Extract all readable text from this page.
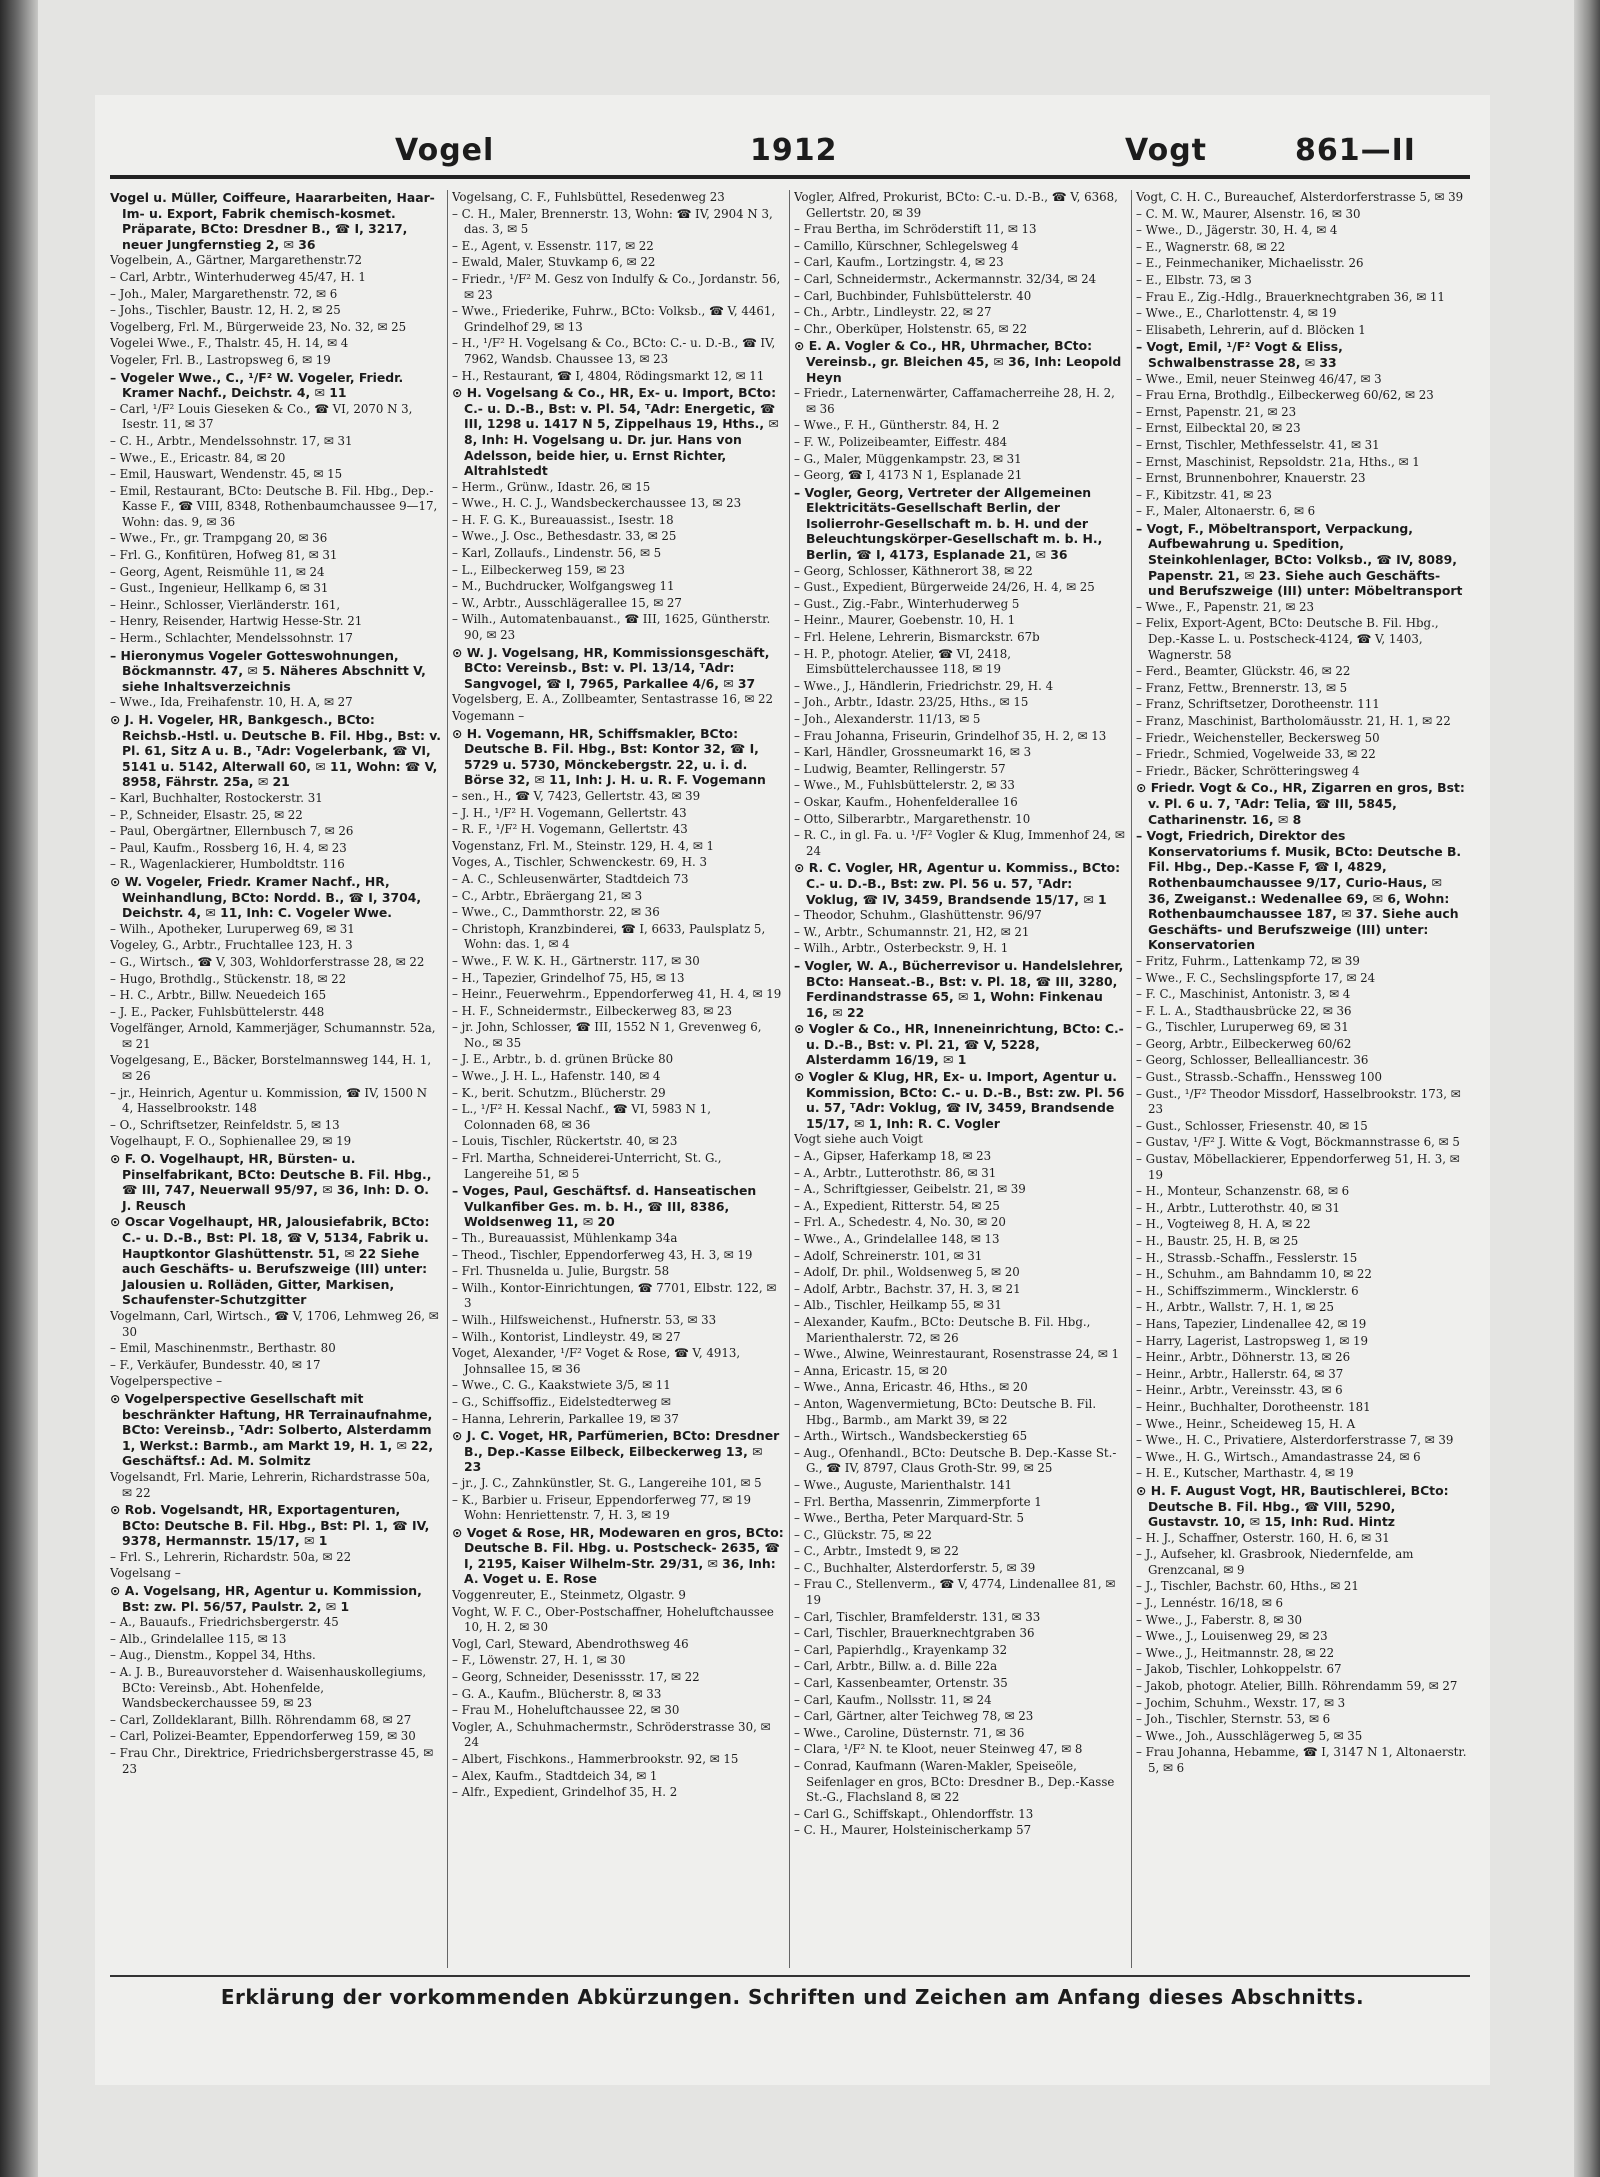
Vogel	1912	Vogt	861—II
Vogel u. Müller, Coiffeure, Haararbeiten, Haar-Im- u. Export, Fabrik chemisch-kosmet. Präparate, BCto: Dresdner B., ☎ I, 3217, neuer Jungfernstieg 2, ✉ 36
Vogelbein, A., Gärtner, Margarethenstr.72
– Carl, Arbtr., Winterhuderweg 45/47, H. 1
– Joh., Maler, Margarethenstr. 72, ✉ 6
– Johs., Tischler, Baustr. 12, H. 2, ✉ 25
Vogelberg, Frl. M., Bürgerweide 23, No. 32, ✉ 25
Vogelei Wwe., F., Thalstr. 45, H. 14, ✉ 4
Vogeler, Frl. B., Lastropsweg 6, ✉ 19
– Vogeler Wwe., C., ¹/F² W. Vogeler, Friedr. Kramer Nachf., Deichstr. 4, ✉ 11
– Carl, ¹/F² Louis Gieseken & Co., ☎ VI, 2070 N 3, Isestr. 11, ✉ 37
– C. H., Arbtr., Mendelssohnstr. 17, ✉ 31
– Wwe., E., Ericastr. 84, ✉ 20
– Emil, Hauswart, Wendenstr. 45, ✉ 15
– Emil, Restaurant, BCto: Deutsche B. Fil. Hbg., Dep.-Kasse F., ☎ VIII, 8348, Rothenbaumchaussee 9—17, Wohn: das. 9, ✉ 36
– Wwe., Fr., gr. Trampgang 20, ✉ 36
– Frl. G., Konfitüren, Hofweg 81, ✉ 31
– Georg, Agent, Reismühle 11, ✉ 24
– Gust., Ingenieur, Hellkamp 6, ✉ 31
– Heinr., Schlosser, Vierländerstr. 161,
– Henry, Reisender, Hartwig Hesse-Str. 21
– Herm., Schlachter, Mendelssohnstr. 17
– Hieronymus Vogeler Gotteswohnungen, Böckmannstr. 47, ✉ 5. Näheres Abschnitt V, siehe Inhaltsverzeichnis
– Wwe., Ida, Freihafenstr. 10, H. A, ✉ 27
⊙ J. H. Vogeler, HR, Bankgesch., BCto: Reichsb.-Hstl. u. Deutsche B. Fil. Hbg., Bst: v. Pl. 61, Sitz A u. B., ᵀAdr: Vogelerbank, ☎ VI, 5141 u. 5142, Alterwall 60, ✉ 11, Wohn: ☎ V, 8958, Fährstr. 25a, ✉ 21
– Karl, Buchhalter, Rostockerstr. 31
– P., Schneider, Elsastr. 25, ✉ 22
– Paul, Obergärtner, Ellernbusch 7, ✉ 26
– Paul, Kaufm., Rossberg 16, H. 4, ✉ 23
– R., Wagenlackierer, Humboldtstr. 116
⊙ W. Vogeler, Friedr. Kramer Nachf., HR, Weinhandlung, BCto: Nordd. B., ☎ I, 3704, Deichstr. 4, ✉ 11, Inh: C. Vogeler Wwe.
– Wilh., Apotheker, Luruperweg 69, ✉ 31
Vogeley, G., Arbtr., Fruchtallee 123, H. 3
– G., Wirtsch., ☎ V, 303, Wohldorferstrasse 28, ✉ 22
– Hugo, Brothdlg., Stückenstr. 18, ✉ 22
– H. C., Arbtr., Billw. Neuedeich 165
– J. E., Packer, Fuhlsbüttelerstr. 448
Vogelfänger, Arnold, Kammerjäger, Schumannstr. 52a, ✉ 21
Vogelgesang, E., Bäcker, Borstelmannsweg 144, H. 1, ✉ 26
– jr., Heinrich, Agentur u. Kommission, ☎ IV, 1500 N 4, Hasselbrookstr. 148
– O., Schriftsetzer, Reinfeldstr. 5, ✉ 13
Vogelhaupt, F. O., Sophienallee 29, ✉ 19
⊙ F. O. Vogelhaupt, HR, Bürsten- u. Pinselfabrikant, BCto: Deutsche B. Fil. Hbg., ☎ III, 747, Neuerwall 95/97, ✉ 36, Inh: D. O. J. Reusch
⊙ Oscar Vogelhaupt, HR, Jalousiefabrik, BCto: C.- u. D.-B., Bst: Pl. 18, ☎ V, 5134, Fabrik u. Hauptkontor Glashüttenstr. 51, ✉ 22 Siehe auch Geschäfts- u. Berufszweige (III) unter: Jalousien u. Rolläden, Gitter, Markisen, Schaufenster-Schutzgitter
Vogelmann, Carl, Wirtsch., ☎ V, 1706, Lehmweg 26, ✉ 30
– Emil, Maschinenmstr., Berthastr. 80
– F., Verkäufer, Bundesstr. 40, ✉ 17
Vogelperspective –
⊙ Vogelperspective Gesellschaft mit beschränkter Haftung, HR Terrainaufnahme, BCto: Vereinsb., ᵀAdr: Solberto, Alsterdamm 1, Werkst.: Barmb., am Markt 19, H. 1, ✉ 22, Geschäftsf.: Ad. M. Solmitz
Vogelsandt, Frl. Marie, Lehrerin, Richardstrasse 50a, ✉ 22
⊙ Rob. Vogelsandt, HR, Exportagenturen, BCto: Deutsche B. Fil. Hbg., Bst: Pl. 1, ☎ IV, 9378, Hermannstr. 15/17, ✉ 1
– Frl. S., Lehrerin, Richardstr. 50a, ✉ 22
Vogelsang –
⊙ A. Vogelsang, HR, Agentur u. Kommission, Bst: zw. Pl. 56/57, Paulstr. 2, ✉ 1
– A., Bauaufs., Friedrichsbergerstr. 45
– Alb., Grindelallee 115, ✉ 13
– Aug., Dienstm., Koppel 34, Hths.
– A. J. B., Bureauvorsteher d. Waisenhauskollegiums, BCto: Vereinsb., Abt. Hohenfelde, Wandsbeckerchaussee 59, ✉ 23
– Carl, Zolldeklarant, Billh. Röhrendamm 68, ✉ 27
– Carl, Polizei-Beamter, Eppendorferweg 159, ✉ 30
– Frau Chr., Direktrice, Friedrichsbergerstrasse 45, ✉ 23
Vogelsang, C. F., Fuhlsbüttel, Resedenweg 23
– C. H., Maler, Brennerstr. 13, Wohn: ☎ IV, 2904 N 3, das. 3, ✉ 5
– E., Agent, v. Essenstr. 117, ✉ 22
– Ewald, Maler, Stuvkamp 6, ✉ 22
– Friedr., ¹/F² M. Gesz von Indulfy & Co., Jordanstr. 56, ✉ 23
– Wwe., Friederike, Fuhrw., BCto: Volksb., ☎ V, 4461, Grindelhof 29, ✉ 13
– H., ¹/F² H. Vogelsang & Co., BCto: C.- u. D.-B., ☎ IV, 7962, Wandsb. Chaussee 13, ✉ 23
– H., Restaurant, ☎ I, 4804, Rödingsmarkt 12, ✉ 11
⊙ H. Vogelsang & Co., HR, Ex- u. Import, BCto: C.- u. D.-B., Bst: v. Pl. 54, ᵀAdr: Energetic, ☎ III, 1298 u. 1417 N 5, Zippelhaus 19, Hths., ✉ 8, Inh: H. Vogelsang u. Dr. jur. Hans von Adelsson, beide hier, u. Ernst Richter, Altrahlstedt
– Herm., Grünw., Idastr. 26, ✉ 15
– Wwe., H. C. J., Wandsbeckerchaussee 13, ✉ 23
– H. F. G. K., Bureauassist., Isestr. 18
– Wwe., J. Osc., Bethesdastr. 33, ✉ 25
– Karl, Zollaufs., Lindenstr. 56, ✉ 5
– L., Eilbeckerweg 159, ✉ 23
– M., Buchdrucker, Wolfgangsweg 11
– W., Arbtr., Ausschlägerallee 15, ✉ 27
– Wilh., Automatenbauanst., ☎ III, 1625, Güntherstr. 90, ✉ 23
⊙ W. J. Vogelsang, HR, Kommissionsgeschäft, BCto: Vereinsb., Bst: v. Pl. 13/14, ᵀAdr: Sangvogel, ☎ I, 7965, Parkallee 4/6, ✉ 37
Vogelsberg, E. A., Zollbeamter, Sentastrasse 16, ✉ 22
Vogemann –
⊙ H. Vogemann, HR, Schiffsmakler, BCto: Deutsche B. Fil. Hbg., Bst: Kontor 32, ☎ I, 5729 u. 5730, Mönckebergstr. 22, u. i. d. Börse 32, ✉ 11, Inh: J. H. u. R. F. Vogemann
– sen., H., ☎ V, 7423, Gellertstr. 43, ✉ 39
– J. H., ¹/F² H. Vogemann, Gellertstr. 43
– R. F., ¹/F² H. Vogemann, Gellertstr. 43
Vogenstanz, Frl. M., Steinstr. 129, H. 4, ✉ 1
Voges, A., Tischler, Schwenckestr. 69, H. 3
– A. C., Schleusenwärter, Stadtdeich 73
– C., Arbtr., Ebräergang 21, ✉ 3
– Wwe., C., Dammthorstr. 22, ✉ 36
– Christoph, Kranzbinderei, ☎ I, 6633, Paulsplatz 5, Wohn: das. 1, ✉ 4
– Wwe., F. W. K. H., Gärtnerstr. 117, ✉ 30
– H., Tapezier, Grindelhof 75, H5, ✉ 13
– Heinr., Feuerwehrm., Eppendorferweg 41, H. 4, ✉ 19
– H. F., Schneidermstr., Eilbeckerweg 83, ✉ 23
– jr. John, Schlosser, ☎ III, 1552 N 1, Grevenweg 6, No., ✉ 35
– J. E., Arbtr., b. d. grünen Brücke 80
– Wwe., J. H. L., Hafenstr. 140, ✉ 4
– K., berit. Schutzm., Blücherstr. 29
– L., ¹/F² H. Kessal Nachf., ☎ VI, 5983 N 1, Colonnaden 68, ✉ 36
– Louis, Tischler, Rückertstr. 40, ✉ 23
– Frl. Martha, Schneiderei-Unterricht, St. G., Langereihe 51, ✉ 5
– Voges, Paul, Geschäftsf. d. Hanseatischen Vulkanfiber Ges. m. b. H., ☎ III, 8386, Woldsenweg 11, ✉ 20
– Th., Bureauassist, Mühlenkamp 34a
– Theod., Tischler, Eppendorferweg 43, H. 3, ✉ 19
– Frl. Thusnelda u. Julie, Burgstr. 58
– Wilh., Kontor-Einrichtungen, ☎ 7701, Elbstr. 122, ✉ 3
– Wilh., Hilfsweichenst., Hufnerstr. 53, ✉ 33
– Wilh., Kontorist, Lindleystr. 49, ✉ 27
Voget, Alexander, ¹/F² Voget & Rose, ☎ V, 4913, Johnsallee 15, ✉ 36
– Wwe., C. G., Kaakstwiete 3/5, ✉ 11
– G., Schiffsoffiz., Eidelstedterweg ✉
– Hanna, Lehrerin, Parkallee 19, ✉ 37
⊙ J. C. Voget, HR, Parfümerien, BCto: Dresdner B., Dep.-Kasse Eilbeck, Eilbeckerweg 13, ✉ 23
– jr., J. C., Zahnkünstler, St. G., Langereihe 101, ✉ 5
– K., Barbier u. Friseur, Eppendorferweg 77, ✉ 19 Wohn: Henriettenstr. 7, H. 3, ✉ 19
⊙ Voget & Rose, HR, Modewaren en gros, BCto: Deutsche B. Fil. Hbg. u. Postscheck- 2635, ☎ I, 2195, Kaiser Wilhelm-Str. 29/31, ✉ 36, Inh: A. Voget u. E. Rose
Voggenreuter, E., Steinmetz, Olgastr. 9
Voght, W. F. C., Ober-Postschaffner, Hoheluftchaussee 10, H. 2, ✉ 30
Vogl, Carl, Steward, Abendrothsweg 46
– F., Löwenstr. 27, H. 1, ✉ 30
– Georg, Schneider, Desenissstr. 17, ✉ 22
– G. A., Kaufm., Blücherstr. 8, ✉ 33
– Frau M., Hoheluftchaussee 22, ✉ 30
Vogler, A., Schuhmachermstr., Schröderstrasse 30, ✉ 24
– Albert, Fischkons., Hammerbrookstr. 92, ✉ 15
– Alex, Kaufm., Stadtdeich 34, ✉ 1
– Alfr., Expedient, Grindelhof 35, H. 2
Vogler, Alfred, Prokurist, BCto: C.-u. D.-B., ☎ V, 6368, Gellertstr. 20, ✉ 39
– Frau Bertha, im Schröderstift 11, ✉ 13
– Camillo, Kürschner, Schlegelsweg 4
– Carl, Kaufm., Lortzingstr. 4, ✉ 23
– Carl, Schneidermstr., Ackermannstr. 32/34, ✉ 24
– Carl, Buchbinder, Fuhlsbüttelerstr. 40
– Ch., Arbtr., Lindleystr. 22, ✉ 27
– Chr., Oberküper, Holstenstr. 65, ✉ 22
⊙ E. A. Vogler & Co., HR, Uhrmacher, BCto: Vereinsb., gr. Bleichen 45, ✉ 36, Inh: Leopold Heyn
– Friedr., Laternenwärter, Caffamacherreihe 28, H. 2, ✉ 36
– Wwe., F. H., Güntherstr. 84, H. 2
– F. W., Polizeibeamter, Eiffestr. 484
– G., Maler, Müggenkampstr. 23, ✉ 31
– Georg, ☎ I, 4173 N 1, Esplanade 21
– Vogler, Georg, Vertreter der Allgemeinen Elektricitäts-Gesellschaft Berlin, der Isolierrohr-Gesellschaft m. b. H. und der Beleuchtungskörper-Gesellschaft m. b. H., Berlin, ☎ I, 4173, Esplanade 21, ✉ 36
– Georg, Schlosser, Käthnerort 38, ✉ 22
– Gust., Expedient, Bürgerweide 24/26, H. 4, ✉ 25
– Gust., Zig.-Fabr., Winterhuderweg 5
– Heinr., Maurer, Goebenstr. 10, H. 1
– Frl. Helene, Lehrerin, Bismarckstr. 67b
– H. P., photogr. Atelier, ☎ VI, 2418, Eimsbüttelerchaussee 118, ✉ 19
– Wwe., J., Händlerin, Friedrichstr. 29, H. 4
– Joh., Arbtr., Idastr. 23/25, Hths., ✉ 15
– Joh., Alexanderstr. 11/13, ✉ 5
– Frau Johanna, Friseurin, Grindelhof 35, H. 2, ✉ 13
– Karl, Händler, Grossneumarkt 16, ✉ 3
– Ludwig, Beamter, Rellingerstr. 57
– Wwe., M., Fuhlsbüttelerstr. 2, ✉ 33
– Oskar, Kaufm., Hohenfelderallee 16
– Otto, Silberarbtr., Margarethenstr. 10
– R. C., in gl. Fa. u. ¹/F² Vogler & Klug, Immenhof 24, ✉ 24
⊙ R. C. Vogler, HR, Agentur u. Kommiss., BCto: C.- u. D.-B., Bst: zw. Pl. 56 u. 57, ᵀAdr: Voklug, ☎ IV, 3459, Brandsende 15/17, ✉ 1
– Theodor, Schuhm., Glashüttenstr. 96/97
– W., Arbtr., Schumannstr. 21, H2, ✉ 21
– Wilh., Arbtr., Osterbeckstr. 9, H. 1
– Vogler, W. A., Bücherrevisor u. Handelslehrer, BCto: Hanseat.-B., Bst: v. Pl. 18, ☎ III, 3280, Ferdinandstrasse 65, ✉ 1, Wohn: Finkenau 16, ✉ 22
⊙ Vogler & Co., HR, Inneneinrichtung, BCto: C.- u. D.-B., Bst: v. Pl. 21, ☎ V, 5228, Alsterdamm 16/19, ✉ 1
⊙ Vogler & Klug, HR, Ex- u. Import, Agentur u. Kommission, BCto: C.- u. D.-B., Bst: zw. Pl. 56 u. 57, ᵀAdr: Voklug, ☎ IV, 3459, Brandsende 15/17, ✉ 1, Inh: R. C. Vogler
Vogt siehe auch Voigt
– A., Gipser, Haferkamp 18, ✉ 23
– A., Arbtr., Lutterothstr. 86, ✉ 31
– A., Schriftgiesser, Geibelstr. 21, ✉ 39
– A., Expedient, Ritterstr. 54, ✉ 25
– Frl. A., Schedestr. 4, No. 30, ✉ 20
– Wwe., A., Grindelallee 148, ✉ 13
– Adolf, Schreinerstr. 101, ✉ 31
– Adolf, Dr. phil., Woldsenweg 5, ✉ 20
– Adolf, Arbtr., Bachstr. 37, H. 3, ✉ 21
– Alb., Tischler, Heilkamp 55, ✉ 31
– Alexander, Kaufm., BCto: Deutsche B. Fil. Hbg., Marienthalerstr. 72, ✉ 26
– Wwe., Alwine, Weinrestaurant, Rosenstrasse 24, ✉ 1
– Anna, Ericastr. 15, ✉ 20
– Wwe., Anna, Ericastr. 46, Hths., ✉ 20
– Anton, Wagenvermietung, BCto: Deutsche B. Fil. Hbg., Barmb., am Markt 39, ✉ 22
– Arth., Wirtsch., Wandsbeckerstieg 65
– Aug., Ofenhandl., BCto: Deutsche B. Dep.-Kasse St.-G., ☎ IV, 8797, Claus Groth-Str. 99, ✉ 25
– Wwe., Auguste, Marienthalstr. 141
– Frl. Bertha, Massenrin, Zimmerpforte 1
– Wwe., Bertha, Peter Marquard-Str. 5
– C., Glückstr. 75, ✉ 22
– C., Arbtr., Imstedt 9, ✉ 22
– C., Buchhalter, Alsterdorferstr. 5, ✉ 39
– Frau C., Stellenverm., ☎ V, 4774, Lindenallee 81, ✉ 19
– Carl, Tischler, Bramfelderstr. 131, ✉ 33
– Carl, Tischler, Brauerknechtgraben 36
– Carl, Papierhdlg., Krayenkamp 32
– Carl, Arbtr., Billw. a. d. Bille 22a
– Carl, Kassenbeamter, Ortenstr. 35
– Carl, Kaufm., Nollsstr. 11, ✉ 24
– Carl, Gärtner, alter Teichweg 78, ✉ 23
– Wwe., Caroline, Düsternstr. 71, ✉ 36
– Clara, ¹/F² N. te Kloot, neuer Steinweg 47, ✉ 8
– Conrad, Kaufmann (Waren-Makler, Speiseöle, Seifenlager en gros, BCto: Dresdner B., Dep.-Kasse St.-G., Flachsland 8, ✉ 22
– Carl G., Schiffskapt., Ohlendorffstr. 13
– C. H., Maurer, Holsteinischerkamp 57
Vogt, C. H. C., Bureauchef, Alsterdorferstrasse 5, ✉ 39
– C. M. W., Maurer, Alsenstr. 16, ✉ 30
– Wwe., D., Jägerstr. 30, H. 4, ✉ 4
– E., Wagnerstr. 68, ✉ 22
– E., Feinmechaniker, Michaelisstr. 26
– E., Elbstr. 73, ✉ 3
– Frau E., Zig.-Hdlg., Brauerknechtgraben 36, ✉ 11
– Wwe., E., Charlottenstr. 4, ✉ 19
– Elisabeth, Lehrerin, auf d. Blöcken 1
– Vogt, Emil, ¹/F² Vogt & Eliss, Schwalbenstrasse 28, ✉ 33
– Wwe., Emil, neuer Steinweg 46/47, ✉ 3
– Frau Erna, Brothdlg., Eilbeckerweg 60/62, ✉ 23
– Ernst, Papenstr. 21, ✉ 23
– Ernst, Eilbecktal 20, ✉ 23
– Ernst, Tischler, Methfesselstr. 41, ✉ 31
– Ernst, Maschinist, Repsoldstr. 21a, Hths., ✉ 1
– Ernst, Brunnenbohrer, Knauerstr. 23
– F., Kibitzstr. 41, ✉ 23
– F., Maler, Altonaerstr. 6, ✉ 6
– Vogt, F., Möbeltransport, Verpackung, Aufbewahrung u. Spedition, Steinkohlenlager, BCto: Volksb., ☎ IV, 8089, Papenstr. 21, ✉ 23. Siehe auch Geschäfts- und Berufszweige (III) unter: Möbeltransport
– Wwe., F., Papenstr. 21, ✉ 23
– Felix, Export-Agent, BCto: Deutsche B. Fil. Hbg., Dep.-Kasse L. u. Postscheck-4124, ☎ V, 1403, Wagnerstr. 58
– Ferd., Beamter, Glückstr. 46, ✉ 22
– Franz, Fettw., Brennerstr. 13, ✉ 5
– Franz, Schriftsetzer, Dorotheenstr. 111
– Franz, Maschinist, Bartholomäusstr. 21, H. 1, ✉ 22
– Friedr., Weichensteller, Beckersweg 50
– Friedr., Schmied, Vogelweide 33, ✉ 22
– Friedr., Bäcker, Schrötteringsweg 4
⊙ Friedr. Vogt & Co., HR, Zigarren en gros, Bst: v. Pl. 6 u. 7, ᵀAdr: Telia, ☎ III, 5845, Catharinenstr. 16, ✉ 8
– Vogt, Friedrich, Direktor des Konservatoriums f. Musik, BCto: Deutsche B. Fil. Hbg., Dep.-Kasse F, ☎ I, 4829, Rothenbaumchaussee 9/17, Curio-Haus, ✉ 36, Zweiganst.: Wedenallee 69, ✉ 6, Wohn: Rothenbaumchaussee 187, ✉ 37. Siehe auch Geschäfts- und Berufszweige (III) unter: Konservatorien
– Fritz, Fuhrm., Lattenkamp 72, ✉ 39
– Wwe., F. C., Sechslingspforte 17, ✉ 24
– F. C., Maschinist, Antonistr. 3, ✉ 4
– F. L. A., Stadthausbrücke 22, ✉ 36
– G., Tischler, Luruperweg 69, ✉ 31
– Georg, Arbtr., Eilbeckerweg 60/62
– Georg, Schlosser, Bellealliancestr. 36
– Gust., Strassb.-Schaffn., Henssweg 100
– Gust., ¹/F² Theodor Missdorf, Hasselbrookstr. 173, ✉ 23
– Gust., Schlosser, Friesenstr. 40, ✉ 15
– Gustav, ¹/F² J. Witte & Vogt, Böckmannstrasse 6, ✉ 5
– Gustav, Möbellackierer, Eppendorferweg 51, H. 3, ✉ 19
– H., Monteur, Schanzenstr. 68, ✉ 6
– H., Arbtr., Lutterothstr. 40, ✉ 31
– H., Vogteiweg 8, H. A, ✉ 22
– H., Baustr. 25, H. B, ✉ 25
– H., Strassb.-Schaffn., Fesslerstr. 15
– H., Schuhm., am Bahndamm 10, ✉ 22
– H., Schiffszimmerm., Wincklerstr. 6
– H., Arbtr., Wallstr. 7, H. 1, ✉ 25
– Hans, Tapezier, Lindenallee 42, ✉ 19
– Harry, Lagerist, Lastropsweg 1, ✉ 19
– Heinr., Arbtr., Döhnerstr. 13, ✉ 26
– Heinr., Arbtr., Hallerstr. 64, ✉ 37
– Heinr., Arbtr., Vereinsstr. 43, ✉ 6
– Heinr., Buchhalter, Dorotheenstr. 181
– Wwe., Heinr., Scheideweg 15, H. A
– Wwe., H. C., Privatiere, Alsterdorferstrasse 7, ✉ 39
– Wwe., H. G., Wirtsch., Amandastrasse 24, ✉ 6
– H. E., Kutscher, Marthastr. 4, ✉ 19
⊙ H. F. August Vogt, HR, Bautischlerei, BCto: Deutsche B. Fil. Hbg., ☎ VIII, 5290, Gustavstr. 10, ✉ 15, Inh: Rud. Hintz
– H. J., Schaffner, Osterstr. 160, H. 6, ✉ 31
– J., Aufseher, kl. Grasbrook, Niedernfelde, am Grenzcanal, ✉ 9
– J., Tischler, Bachstr. 60, Hths., ✉ 21
– J., Lennéstr. 16/18, ✉ 6
– Wwe., J., Faberstr. 8, ✉ 30
– Wwe., J., Louisenweg 29, ✉ 23
– Wwe., J., Heitmannstr. 28, ✉ 22
– Jakob, Tischler, Lohkoppelstr. 67
– Jakob, photogr. Atelier, Billh. Röhrendamm 59, ✉ 27
– Jochim, Schuhm., Wexstr. 17, ✉ 3
– Joh., Tischler, Sternstr. 53, ✉ 6
– Wwe., Joh., Ausschlägerweg 5, ✉ 35
– Frau Johanna, Hebamme, ☎ I, 3147 N 1, Altonaerstr. 5, ✉ 6
Erklärung der vorkommenden Abkürzungen. Schriften und Zeichen am Anfang dieses Abschnitts.
